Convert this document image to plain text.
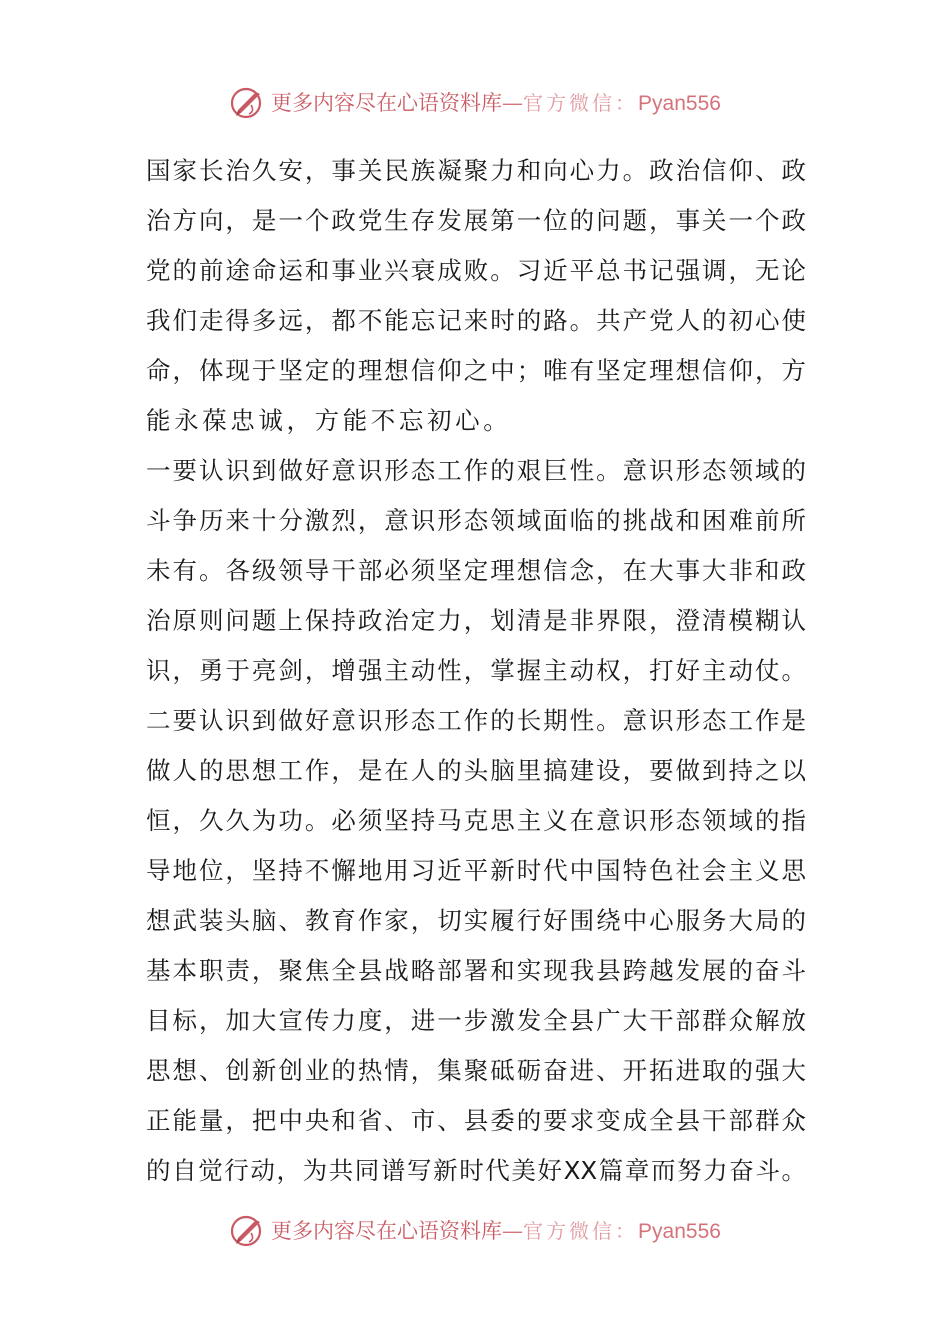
更多内容尽在心语资料库—官方微信：Pyan556
国家长治久安，事关民族凝聚力和向心力。政治信仰、政
治方向，是一个政党生存发展第一位的问题，事关一个政
党的前途命运和事业兴衰成败。习近平总书记强调，无论
我们走得多远，都不能忘记来时的路。共产党人的初心使
命，体现于坚定的理想信仰之中；唯有坚定理想信仰，方
能永葆忠诚，方能不忘初心。
一要认识到做好意识形态工作的艰巨性。意识形态领域的
斗争历来十分激烈，意识形态领域面临的挑战和困难前所
未有。各级领导干部必须坚定理想信念，在大事大非和政
治原则问题上保持政治定力，划清是非界限，澄清模糊认
识，勇于亮剑，增强主动性，掌握主动权，打好主动仗。
二要认识到做好意识形态工作的长期性。意识形态工作是
做人的思想工作，是在人的头脑里搞建设，要做到持之以
恒，久久为功。必须坚持马克思主义在意识形态领域的指
导地位，坚持不懈地用习近平新时代中国特色社会主义思
想武装头脑、教育作家，切实履行好围绕中心服务大局的
基本职责，聚焦全县战略部署和实现我县跨越发展的奋斗
目标，加大宣传力度，进一步激发全县广大干部群众解放
思想、创新创业的热情，集聚砥砺奋进、开拓进取的强大
正能量，把中央和省、市、县委的要求变成全县干部群众
的自觉行动，为共同谱写新时代美好XX篇章而努力奋斗。
更多内容尽在心语资料库—官方微信：Pyan556
